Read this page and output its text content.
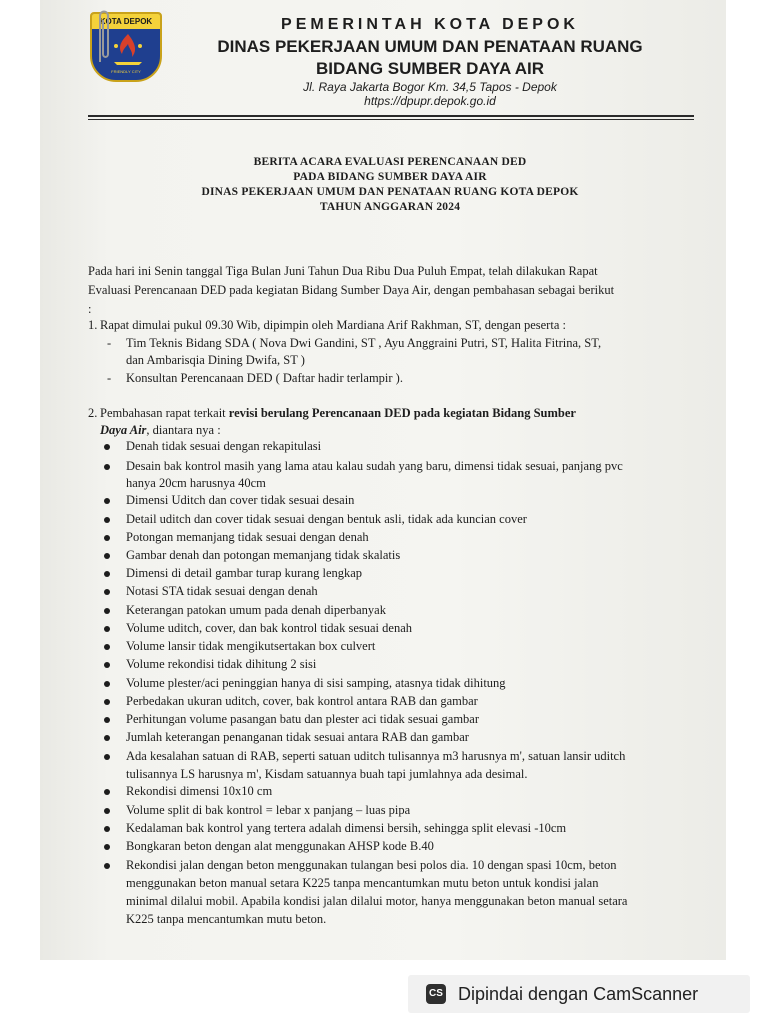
KOTA DEPOK
FRIENDLY CITY
PEMERINTAH KOTA DEPOK
DINAS PEKERJAAN UMUM DAN PENATAAN RUANG
BIDANG SUMBER DAYA AIR
Jl. Raya Jakarta Bogor Km. 34,5 Tapos - Depok
https://dpupr.depok.go.id
BERITA ACARA EVALUASI PERENCANAAN DED
PADA BIDANG SUMBER DAYA AIR
DINAS PEKERJAAN UMUM DAN PENATAAN RUANG KOTA DEPOK
TAHUN ANGGARAN 2024
Pada hari ini Senin tanggal Tiga Bulan Juni Tahun Dua Ribu Dua Puluh Empat, telah dilakukan Rapat
Evaluasi Perencanaan DED pada kegiatan Bidang Sumber Daya Air, dengan pembahasan sebagai berikut
:
1. Rapat dimulai pukul 09.30 Wib, dipimpin oleh Mardiana Arif Rakhman, ST, dengan peserta :
- Tim Teknis Bidang SDA ( Nova Dwi Gandini, ST , Ayu Anggraini Putri, ST, Halita Fitrina, ST,
dan Ambarisqia Dining Dwifa, ST )
- Konsultan Perencanaan DED ( Daftar hadir terlampir ).
2. Pembahasan rapat terkait revisi berulang Perencanaan DED pada kegiatan Bidang Sumber
Daya Air, diantara nya :
Denah tidak sesuai dengan rekapitulasi
Desain bak kontrol masih yang lama atau kalau sudah yang baru, dimensi tidak sesuai, panjang pvc
hanya 20cm harusnya 40cm
Dimensi Uditch dan cover tidak sesuai desain
Detail uditch dan cover tidak sesuai dengan bentuk asli, tidak ada kuncian cover
Potongan memanjang tidak sesuai dengan denah
Gambar denah dan potongan memanjang tidak skalatis
Dimensi di detail gambar turap kurang lengkap
Notasi STA tidak sesuai dengan denah
Keterangan patokan umum pada denah diperbanyak
Volume uditch, cover, dan bak kontrol tidak sesuai denah
Volume lansir tidak mengikutsertakan box culvert
Volume rekondisi tidak dihitung 2 sisi
Volume plester/aci peninggian hanya di sisi samping, atasnya tidak dihitung
Perbedakan ukuran uditch, cover, bak kontrol antara RAB dan gambar
Perhitungan volume pasangan batu dan plester aci tidak sesuai gambar
Jumlah keterangan penanganan tidak sesuai antara RAB dan gambar
Ada kesalahan satuan di RAB, seperti satuan uditch tulisannya m3 harusnya m', satuan lansir uditch
tulisannya LS harusnya m', Kisdam satuannya buah tapi jumlahnya ada desimal.
Rekondisi dimensi 10x10 cm
Volume split di bak kontrol = lebar x panjang – luas pipa
Kedalaman bak kontrol yang tertera adalah dimensi bersih, sehingga split elevasi -10cm
Bongkaran beton dengan alat menggunakan AHSP kode B.40
Rekondisi jalan dengan beton menggunakan tulangan besi polos dia. 10 dengan spasi 10cm, beton
menggunakan beton manual setara K225 tanpa mencantumkan mutu beton untuk kondisi jalan
minimal dilalui mobil. Apabila kondisi jalan dilalui motor, hanya menggunakan beton manual setara
K225 tanpa mencantumkan mutu beton.
CS Dipindai dengan CamScanner
